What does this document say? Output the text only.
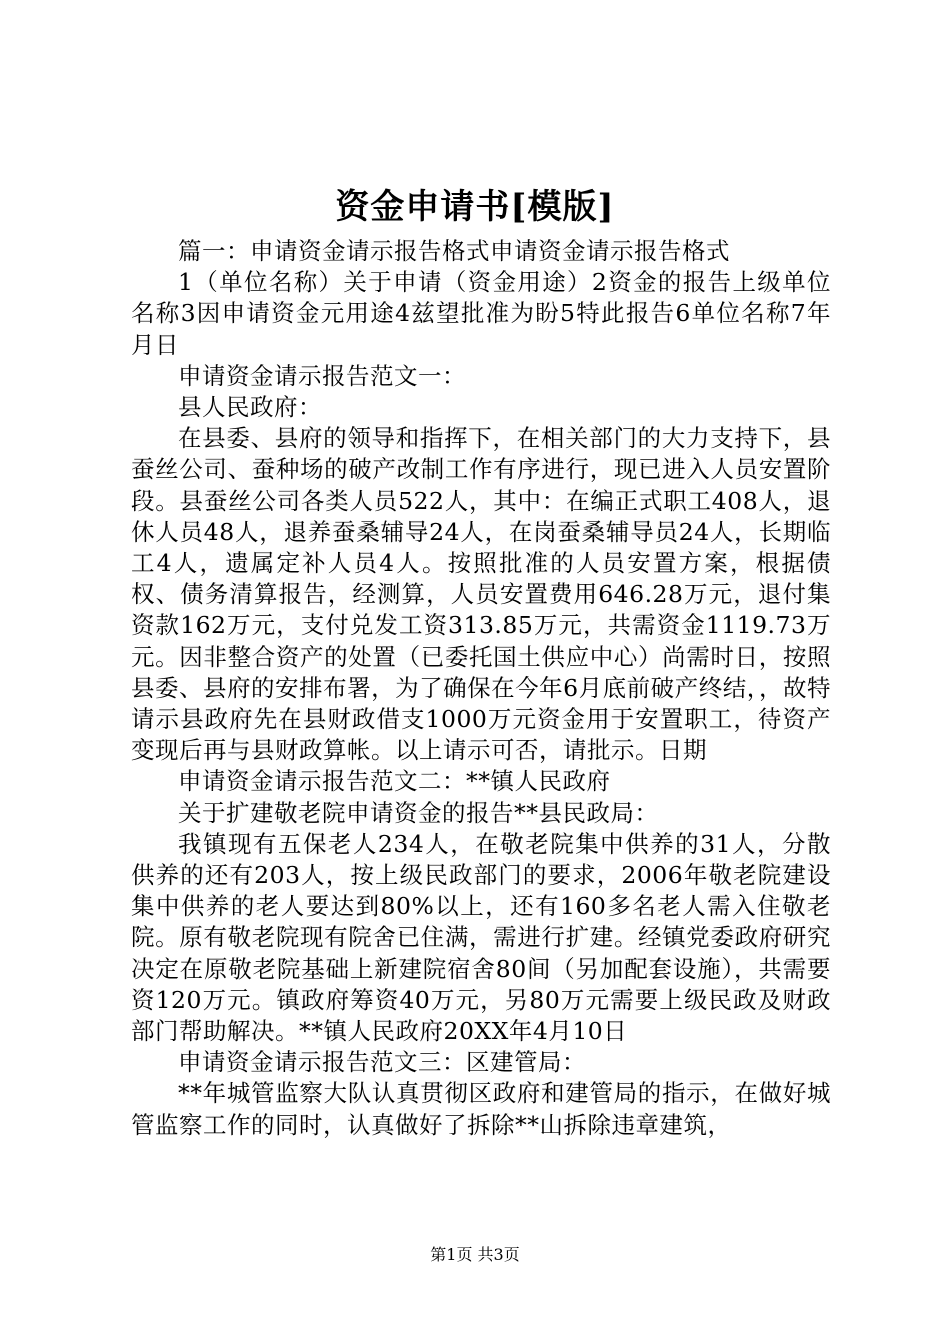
资金申请书[模版]

篇一：申请资金请示报告格式申请资金请示报告格式

1（单位名称）关于申请（资金用途）2资金的报告上级单位名称3因申请资金元用途4兹望批准为盼5特此报告6单位名称7年月日

申请资金请示报告范文一：

县人民政府：

在县委、县府的领导和指挥下，在相关部门的大力支持下，县蚕丝公司、蚕种场的破产改制工作有序进行，现已进入人员安置阶段。县蚕丝公司各类人员522人，其中：在编正式职工408人，退休人员48人，退养蚕桑辅导24人，在岗蚕桑辅导员24人，长期临工4人，遗属定补人员4人。按照批准的人员安置方案，根据债权、债务清算报告，经测算，人员安置费用646.28万元，退付集资款162万元，支付兑发工资313.85万元，共需资金1119.73万元。因非整合资产的处置（已委托国土供应中心）尚需时日，按照县委、县府的安排布署，为了确保在今年6月底前破产终结，，故特请示县政府先在县财政借支1000万元资金用于安置职工，待资产变现后再与县财政算帐。以上请示可否，请批示。日期

申请资金请示报告范文二：**镇人民政府

关于扩建敬老院申请资金的报告**县民政局：

我镇现有五保老人234人，在敬老院集中供养的31人，分散供养的还有203人，按上级民政部门的要求，2006年敬老院建设集中供养的老人要达到80%以上，还有160多名老人需入住敬老院。原有敬老院现有院舍已住满，需进行扩建。经镇党委政府研究决定在原敬老院基础上新建院宿舍80间（另加配套设施），共需要资120万元。镇政府筹资40万元，另80万元需要上级民政及财政部门帮助解决。**镇人民政府20XX年4月10日

申请资金请示报告范文三：区建管局：

**年城管监察大队认真贯彻区政府和建管局的指示，在做好城管监察工作的同时，认真做好了拆除**山拆除违章建筑，

第1页 共3页
